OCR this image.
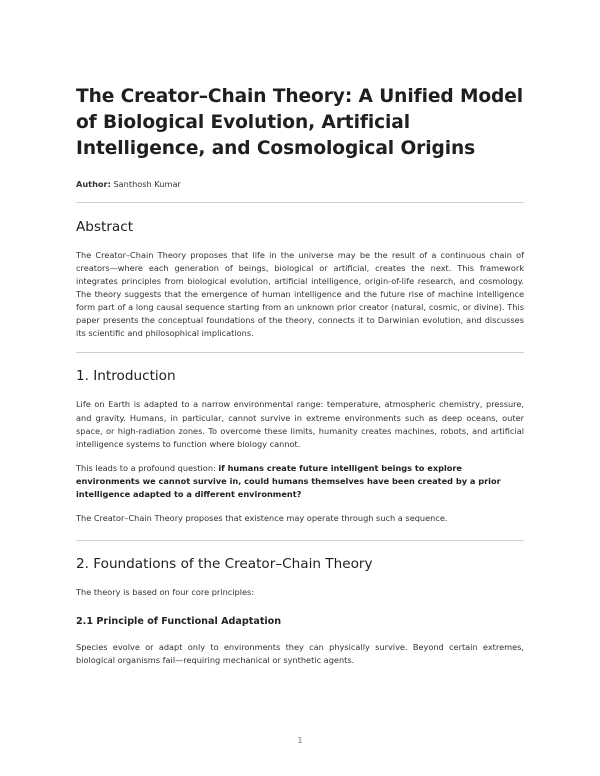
The Creator–Chain Theory: A Unified Model of Biological Evolution, Artificial Intelligence, and Cosmological Origins
Author: Santhosh Kumar
Abstract

The Creator–Chain Theory proposes that life in the universe may be the result of a continuous chain of creators—where each generation of beings, biological or artificial, creates the next. This framework integrates principles from biological evolution, artificial intelligence, origin-of-life research, and cosmology. The theory suggests that the emergence of human intelligence and the future rise of machine intelligence form part of a long causal sequence starting from an unknown prior creator (natural, cosmic, or divine). This paper presents the conceptual foundations of the theory, connects it to Darwinian evolution, and discusses its scientific and philosophical implications.

1. Introduction

Life on Earth is adapted to a narrow environmental range: temperature, atmospheric chemistry, pressure, and gravity. Humans, in particular, cannot survive in extreme environments such as deep oceans, outer space, or high-radiation zones. To overcome these limits, humanity creates machines, robots, and artificial intelligence systems to function where biology cannot.

This leads to a profound question: if humans create future intelligent beings to explore environments we cannot survive in, could humans themselves have been created by a prior intelligence adapted to a different environment?

The Creator–Chain Theory proposes that existence may operate through such a sequence.

2. Foundations of the Creator–Chain Theory

The theory is based on four core principles:

2.1 Principle of Functional Adaptation

Species evolve or adapt only to environments they can physically survive. Beyond certain extremes, biological organisms fail—requiring mechanical or synthetic agents.

1
